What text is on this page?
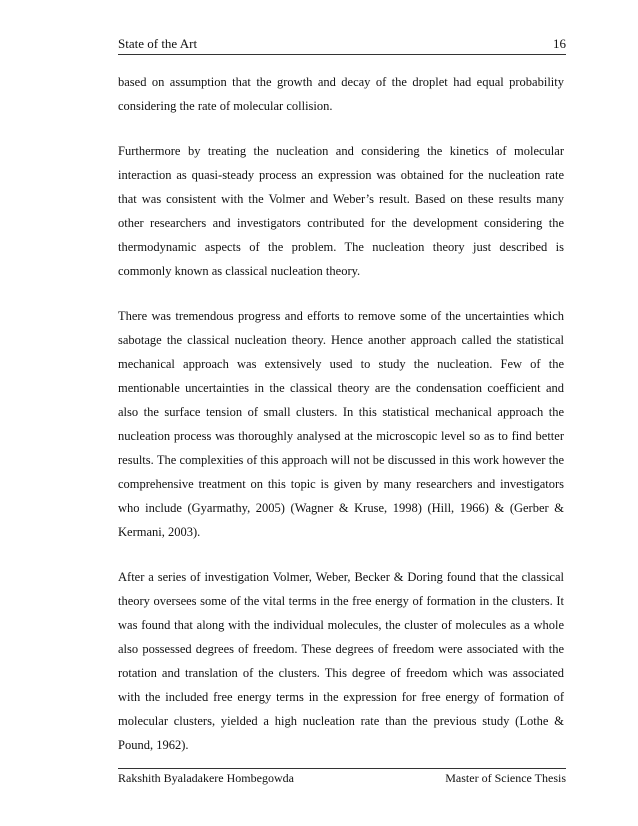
State of the Art	16

based on assumption that the growth and decay of the droplet had equal probability considering the rate of molecular collision.

Furthermore by treating the nucleation and considering the kinetics of molecular interaction as quasi-steady process an expression was obtained for the nucleation rate that was consistent with the Volmer and Weber’s result. Based on these results many other researchers and investigators contributed for the development considering the thermodynamic aspects of the problem. The nucleation theory just described is commonly known as classical nucleation theory.

There was tremendous progress and efforts to remove some of the uncertainties which sabotage the classical nucleation theory. Hence another approach called the statistical mechanical approach was extensively used to study the nucleation. Few of the mentionable uncertainties in the classical theory are the condensation coefficient and also the surface tension of small clusters. In this statistical mechanical approach the nucleation process was thoroughly analysed at the microscopic level so as to find better results. The complexities of this approach will not be discussed in this work however the comprehensive treatment on this topic is given by many researchers and investigators who include (Gyarmathy, 2005) (Wagner & Kruse, 1998) (Hill, 1966) & (Gerber & Kermani, 2003).

After a series of investigation Volmer, Weber, Becker & Doring found that the classical theory oversees some of the vital terms in the free energy of formation in the clusters. It was found that along with the individual molecules, the cluster of molecules as a whole also possessed degrees of freedom. These degrees of freedom were associated with the rotation and translation of the clusters. This degree of freedom which was associated with the included free energy terms in the expression for free energy of formation of molecular clusters, yielded a high nucleation rate than the previous study (Lothe & Pound, 1962).

Rakshith Byaladakere Hombegowda	Master of Science Thesis
